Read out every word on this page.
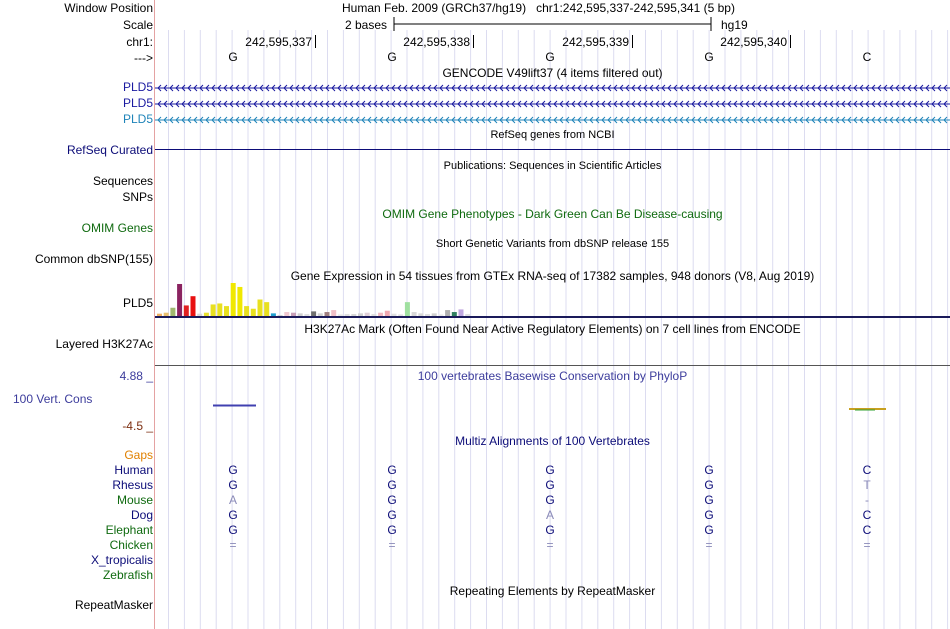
Window Position	Human Feb. 2009 (GRCh37/hg19) chr1:242,595,337-242,595,341 (5 bp)
Scale	2 bases	hg19
chr1:	242,595,337	242,595,338	242,595,339	242,595,340
--->	G	G	G	G	C
GENCODE V49lift37 (4 items filtered out)
PLD5
PLD5
PLD5
RefSeq genes from NCBI
RefSeq Curated
Publications: Sequences in Scientific Articles
Sequences
SNPs
OMIM Gene Phenotypes - Dark Green Can Be Disease-causing
OMIM Genes
Short Genetic Variants from dbSNP release 155
Common dbSNP(155)
Gene Expression in 54 tissues from GTEx RNA-seq of 17382 samples, 948 donors (V8, Aug 2019)
PLD5
H3K27Ac Mark (Often Found Near Active Regulatory Elements) on 7 cell lines from ENCODE
Layered H3K27Ac
100 vertebrates Basewise Conservation by PhyloP
4.88 _
100 Vert. Cons
-4.5 _
Multiz Alignments of 100 Vertebrates
Gaps
Human	G	G	G	G	C
Rhesus	G	G	G	G	T
Mouse	A	G	G	G	-
Dog	G	G	A	G	C
Elephant	G	G	G	G	C
Chicken	=	=	=	=	=
X_tropicalis
Zebrafish
Repeating Elements by RepeatMasker
RepeatMasker
